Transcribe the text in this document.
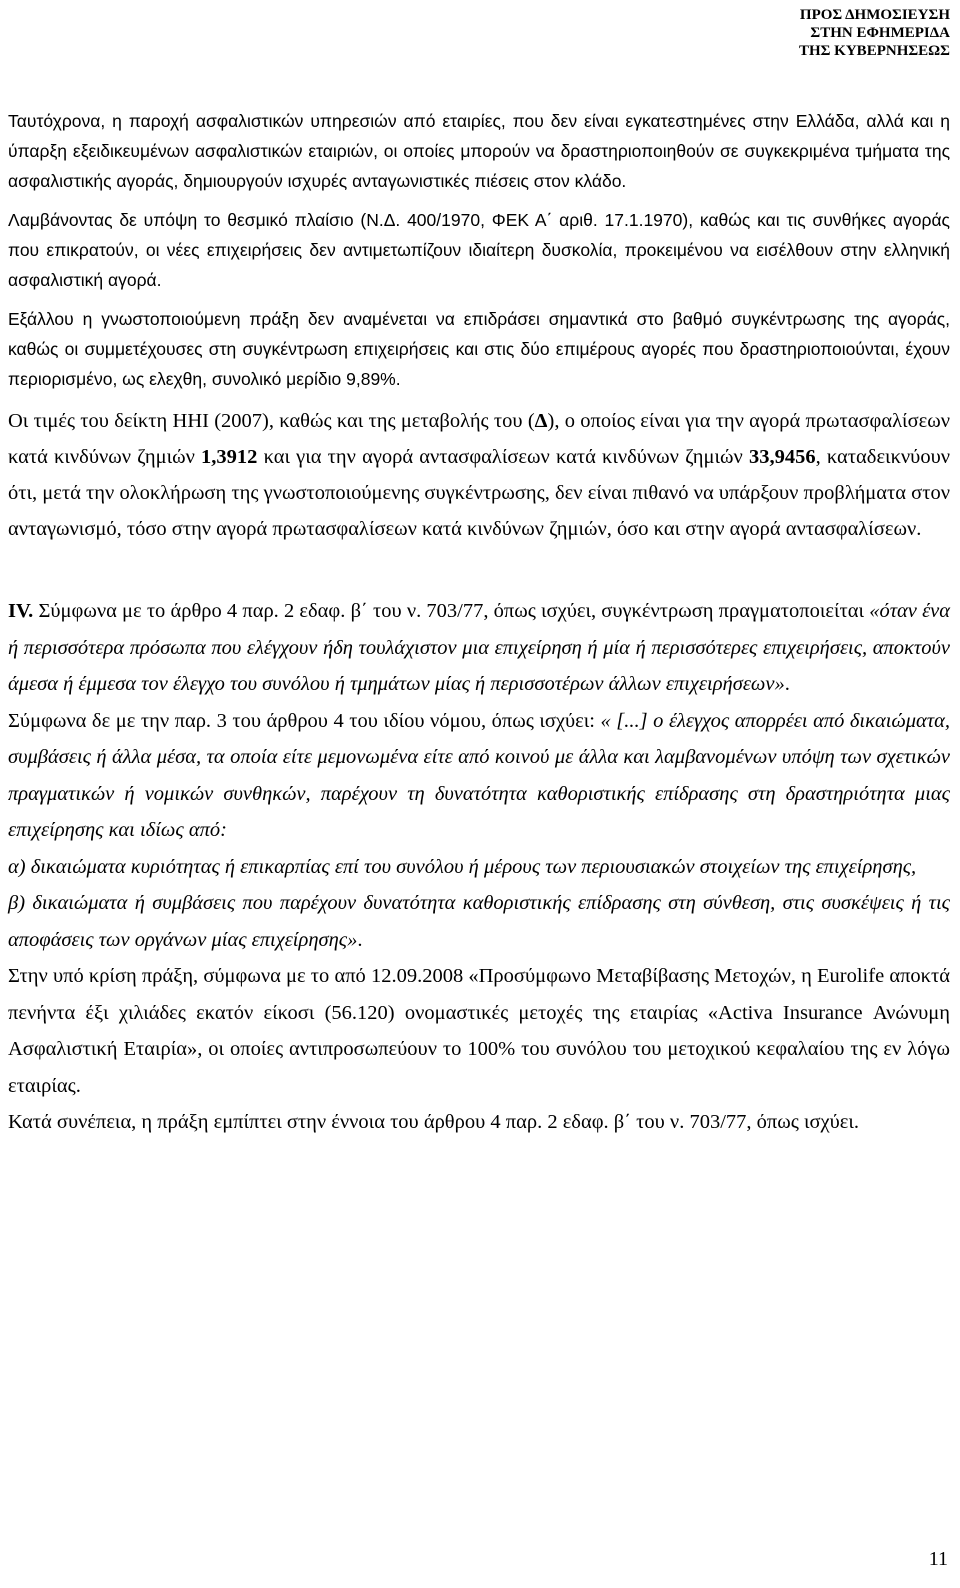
ΠΡΟΣ ΔΗΜΟΣΙΕΥΣΗ
ΣΤΗΝ ΕΦΗΜΕΡΙΔΑ
ΤΗΣ ΚΥΒΕΡΝΗΣΕΩΣ

Ταυτόχρονα, η παροχή ασφαλιστικών υπηρεσιών από εταιρίες, που δεν είναι εγκατεστημένες στην Ελλάδα, αλλά και η ύπαρξη εξειδικευμένων ασφαλιστικών εταιριών, οι οποίες μπορούν να δραστηριοποιηθούν σε συγκεκριμένα τμήματα της ασφαλιστικής αγοράς, δημιουργούν ισχυρές ανταγωνιστικές πιέσεις στον κλάδο.

Λαμβάνοντας δε υπόψη το θεσμικό πλαίσιο (Ν.Δ. 400/1970, ΦΕΚ Α΄ αριθ. 17.1.1970), καθώς και τις συνθήκες αγοράς που επικρατούν, οι νέες επιχειρήσεις δεν αντιμετωπίζουν ιδιαίτερη δυσκολία, προκειμένου να εισέλθουν στην ελληνική ασφαλιστική αγορά.

Εξάλλου η γνωστοποιούμενη πράξη δεν αναμένεται να επιδράσει σημαντικά στο βαθμό συγκέντρωσης της αγοράς, καθώς οι συμμετέχουσες στη συγκέντρωση επιχειρήσεις και στις δύο επιμέρους αγορές που δραστηριοποιούνται, έχουν περιορισμένο, ως ελεχθη, συνολικό μερίδιο 9,89%.

Οι τιμές του δείκτη HHI (2007), καθώς και της μεταβολής του (Δ), ο οποίος είναι για την αγορά πρωτασφαλίσεων κατά κινδύνων ζημιών 1,3912 και για την αγορά αντασφαλίσεων κατά κινδύνων ζημιών 33,9456, καταδεικνύουν ότι, μετά την ολοκλήρωση της γνωστοποιούμενης συγκέντρωσης, δεν είναι πιθανό να υπάρξουν προβλήματα στον ανταγωνισμό, τόσο στην αγορά πρωτασφαλίσεων κατά κινδύνων ζημιών, όσο και στην αγορά αντασφαλίσεων.

IV. Σύμφωνα με το άρθρο 4 παρ. 2 εδαφ. β΄ του ν. 703/77, όπως ισχύει, συγκέντρωση πραγματοποιείται «όταν ένα ή περισσότερα πρόσωπα που ελέγχουν ήδη τουλάχιστον μια επιχείρηση ή μία ή περισσότερες επιχειρήσεις, αποκτούν άμεσα ή έμμεσα τον έλεγχο του συνόλου ή τμημάτων μίας ή περισσοτέρων άλλων επιχειρήσεων».

Σύμφωνα δε με την παρ. 3 του άρθρου 4 του ιδίου νόμου, όπως ισχύει: « [...] ο έλεγχος απορρέει από δικαιώματα, συμβάσεις ή άλλα μέσα, τα οποία είτε μεμονωμένα είτε από κοινού με άλλα και λαμβανομένων υπόψη των σχετικών πραγματικών ή νομικών συνθηκών, παρέχουν τη δυνατότητα καθοριστικής επίδρασης στη δραστηριότητα μιας επιχείρησης και ιδίως από:

α) δικαιώματα κυριότητας ή επικαρπίας επί του συνόλου ή μέρους των περιουσιακών στοιχείων της επιχείρησης,

β) δικαιώματα ή συμβάσεις που παρέχουν δυνατότητα καθοριστικής επίδρασης στη σύνθεση, στις συσκέψεις ή τις αποφάσεις των οργάνων μίας επιχείρησης».

Στην υπό κρίση πράξη, σύμφωνα με το από 12.09.2008 «Προσύμφωνο Μεταβίβασης Μετοχών, η Eurolife αποκτά πενήντα έξι χιλιάδες εκατόν είκοσι (56.120) ονομαστικές μετοχές της εταιρίας «Activa Insurance Ανώνυμη Ασφαλιστική Εταιρία», οι οποίες αντιπροσωπεύουν το 100% του συνόλου του μετοχικού κεφαλαίου της εν λόγω εταιρίας.

Κατά συνέπεια, η πράξη εμπίπτει στην έννοια του άρθρου 4 παρ. 2 εδαφ. β΄ του ν. 703/77, όπως ισχύει.

11
